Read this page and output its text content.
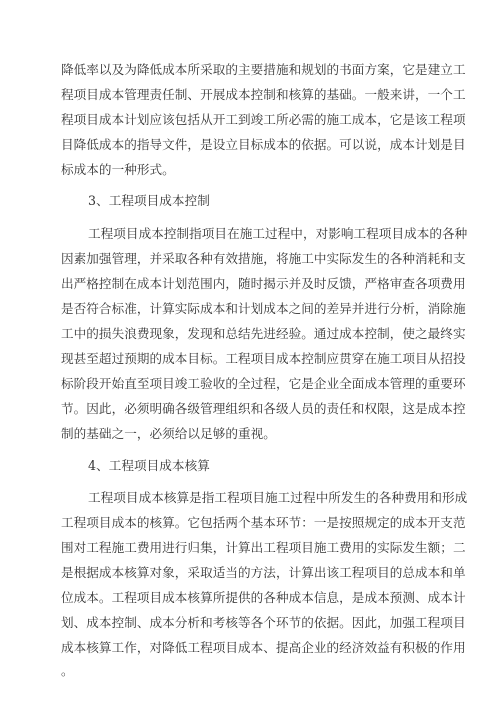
降低率以及为降低成本所采取的主要措施和规划的书面方案，它是建立工
程项目成本管理责任制、开展成本控制和核算的基础。一般来讲，一个工
程项目成本计划应该包括从开工到竣工所必需的施工成本，它是该工程项
目降低成本的指导文件，是设立目标成本的依据。可以说，成本计划是目
标成本的一种形式。
3、工程项目成本控制
工程项目成本控制指项目在施工过程中，对影响工程项目成本的各种
因素加强管理，并采取各种有效措施，将施工中实际发生的各种消耗和支
出严格控制在成本计划范围内，随时揭示并及时反馈，严格审查各项费用
是否符合标准，计算实际成本和计划成本之间的差异并进行分析，消除施
工中的损失浪费现象，发现和总结先进经验。通过成本控制，使之最终实
现甚至超过预期的成本目标。工程项目成本控制应贯穿在施工项目从招投
标阶段开始直至项目竣工验收的全过程，它是企业全面成本管理的重要环
节。因此，必须明确各级管理组织和各级人员的责任和权限，这是成本控
制的基础之一，必须给以足够的重视。
4、工程项目成本核算
工程项目成本核算是指工程项目施工过程中所发生的各种费用和形成
工程项目成本的核算。它包括两个基本环节：一是按照规定的成本开支范
围对工程施工费用进行归集，计算出工程项目施工费用的实际发生额；二
是根据成本核算对象，采取适当的方法，计算出该工程项目的总成本和单
位成本。工程项目成本核算所提供的各种成本信息，是成本预测、成本计
划、成本控制、成本分析和考核等各个环节的依据。因此，加强工程项目
成本核算工作，对降低工程项目成本、提高企业的经济效益有积极的作用
。
